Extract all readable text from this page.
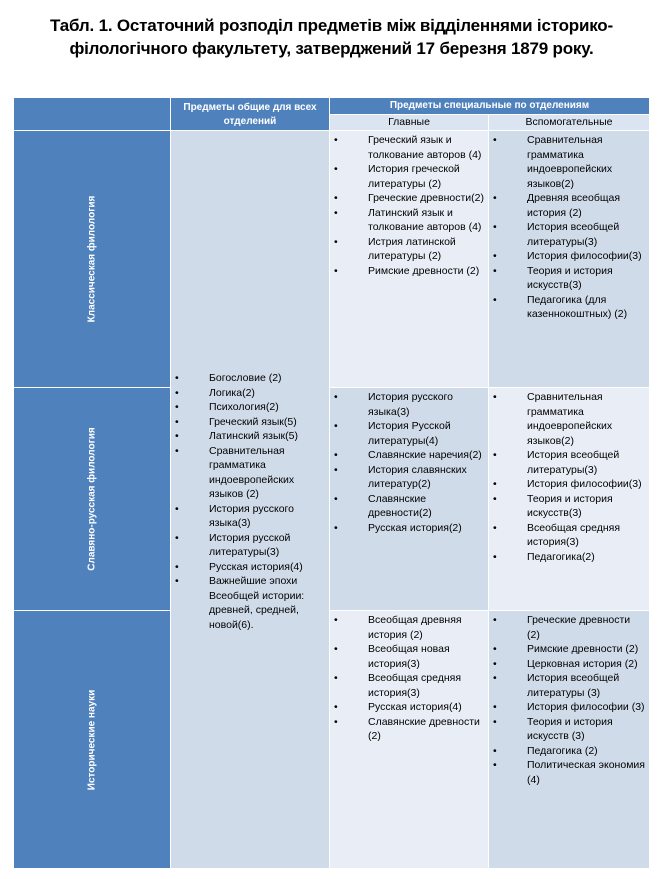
Табл. 1. Остаточний розподіл предметів між відділеннями історико-
філологічного факультету, затверджений 17 березня 1879 року.
Предметы общие для всех отделений
Предметы специальные по отделениям
Главные	Вспомогательные
Классическая филология
Славяно-русская филология
Исторические науки
• Богословие (2)
• Логика(2)
• Психология(2)
• Греческий язык(5)
• Латинский язык(5)
• Сравнительная грамматика индоевропейских языков (2)
• История русского языка(3)
• История русской литературы(3)
• Русская история(4)
• Важнейшие эпохи Всеобщей истории: древней, средней, новой(6).
• Греческий язык и толкование авторов (4)
• История греческой литературы (2)
• Греческие древности(2)
• Латинский язык и толкование авторов (4)
• Истрия латинской литературы (2)
• Римские древности (2)
• История русского языка(3)
• История Русской литературы(4)
• Славянские наречия(2)
• История славянских литератур(2)
• Славянские древности(2)
• Русская история(2)
• Всеобщая древняя история (2)
• Всеобщая новая история(3)
• Всеобщая средняя история(3)
• Русская история(4)
• Славянские древности (2)
• Сравнительная грамматика индоевропейских языков(2)
• Древняя всеобщая история (2)
• История всеобщей литературы(3)
• История философии(3)
• Теория и история искусств(3)
• Педагогика (для казеннокоштных) (2)
• Сравнительная грамматика индоевропейских языков(2)
• История всеобщей литературы(3)
• История философии(3)
• Теория и история искусств(3)
• Всеобщая средняя история(3)
• Педагогика(2)
• Греческие древности (2)
• Римские древности (2)
• Церковная история (2)
• История всеобщей литературы (3)
• История философии (3)
• Теория и история искусств (3)
• Педагогика (2)
• Политическая экономия (4)
